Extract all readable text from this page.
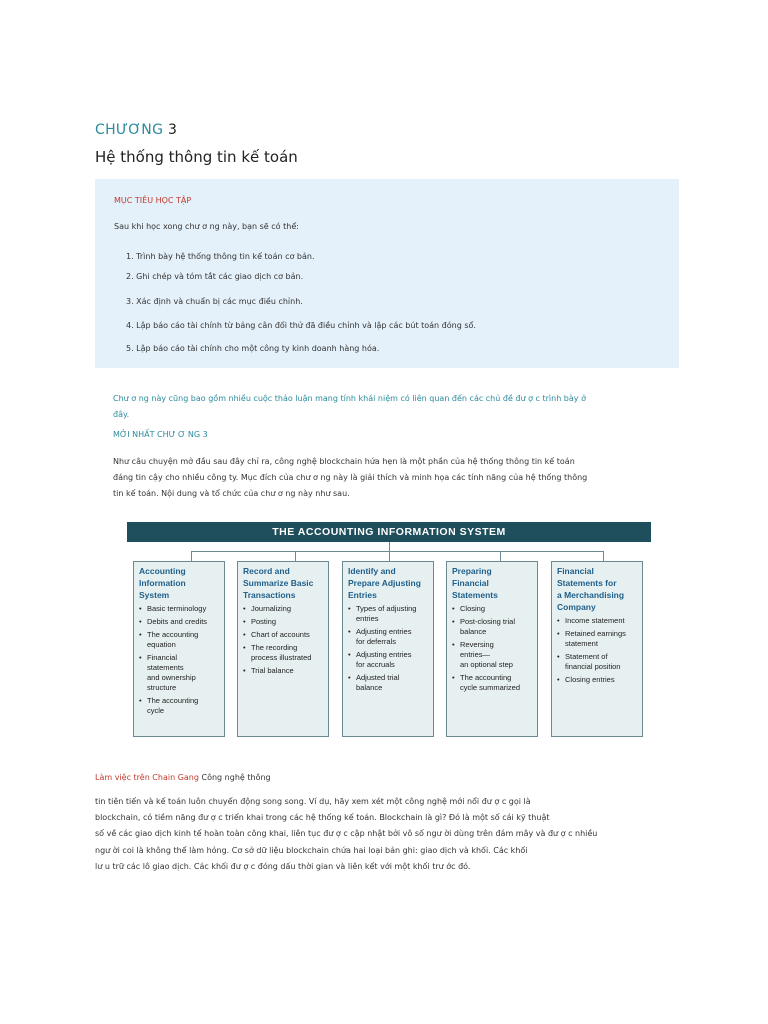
CHƯƠNG 3
Hệ thống thông tin kế toán
MỤC TIÊU HỌC TẬP
Sau khi học xong chư ơ ng này, bạn sẽ có thể:
1. Trình bày hệ thống thông tin kế toán cơ bản.
2. Ghi chép và tóm tắt các giao dịch cơ bản.
3. Xác định và chuẩn bị các mục điều chỉnh.
4. Lập báo cáo tài chính từ bảng cân đối thử đã điều chỉnh và lập các bút toán đóng sổ.
5. Lập báo cáo tài chính cho một công ty kinh doanh hàng hóa.
Chư ơ ng này cũng bao gồm nhiều cuộc thảo luận mang tính khái niệm có liên quan đến các chủ đề đư ợ c trình bày ở
đây.
MỞI NHẤT CHƯ Ơ NG 3
Như câu chuyện mở đầu sau đây chỉ ra, công nghệ blockchain hứa hẹn là một phần của hệ thống thông tin kế toán
đáng tin cậy cho nhiều công ty. Mục đích của chư ơ ng này là giải thích và minh họa các tính năng của hệ thống thông
tin kế toán. Nội dung và tổ chức của chư ơ ng này như sau.
THE ACCOUNTING INFORMATION SYSTEM
Accounting
Information
System
• Basic terminology
• Debits and credits
• The accounting
equation
• Financial
statements
and ownership
structure
• The accounting
cycle
Record and
Summarize Basic
Transactions
• Journalizing
• Posting
• Chart of accounts
• The recording
process illustrated
• Trial balance
Identify and
Prepare Adjusting
Entries
• Types of adjusting
entries
• Adjusting entries
for deferrals
• Adjusting entries
for accruals
• Adjusted trial
balance
Preparing
Financial
Statements
• Closing
• Post-closing trial
balance
• Reversing
entries—
an optional step
• The accounting
cycle summarized
Financial
Statements for
a Merchandising
Company
• Income statement
• Retained earnings
statement
• Statement of
financial position
• Closing entries
Làm việc trên Chain Gang Công nghệ thông
tin tiên tiến và kế toán luôn chuyển động song song. Ví dụ, hãy xem xét một công nghệ mới nổi đư ợ c gọi là
blockchain, có tiềm năng đư ợ c triển khai trong các hệ thống kế toán. Blockchain là gì? Đó là một số cái kỹ thuật
số về các giao dịch kinh tế hoàn toàn công khai, liên tục đư ợ c cập nhật bởi vô số ngư ời dùng trên đám mây và đư ợ c nhiều
ngư ời coi là không thể làm hỏng. Cơ sở dữ liệu blockchain chứa hai loại bản ghi: giao dịch và khối. Các khối
lư u trữ các lô giao dịch. Các khối đư ợ c đóng dấu thời gian và liên kết với một khối trư ớc đó.
